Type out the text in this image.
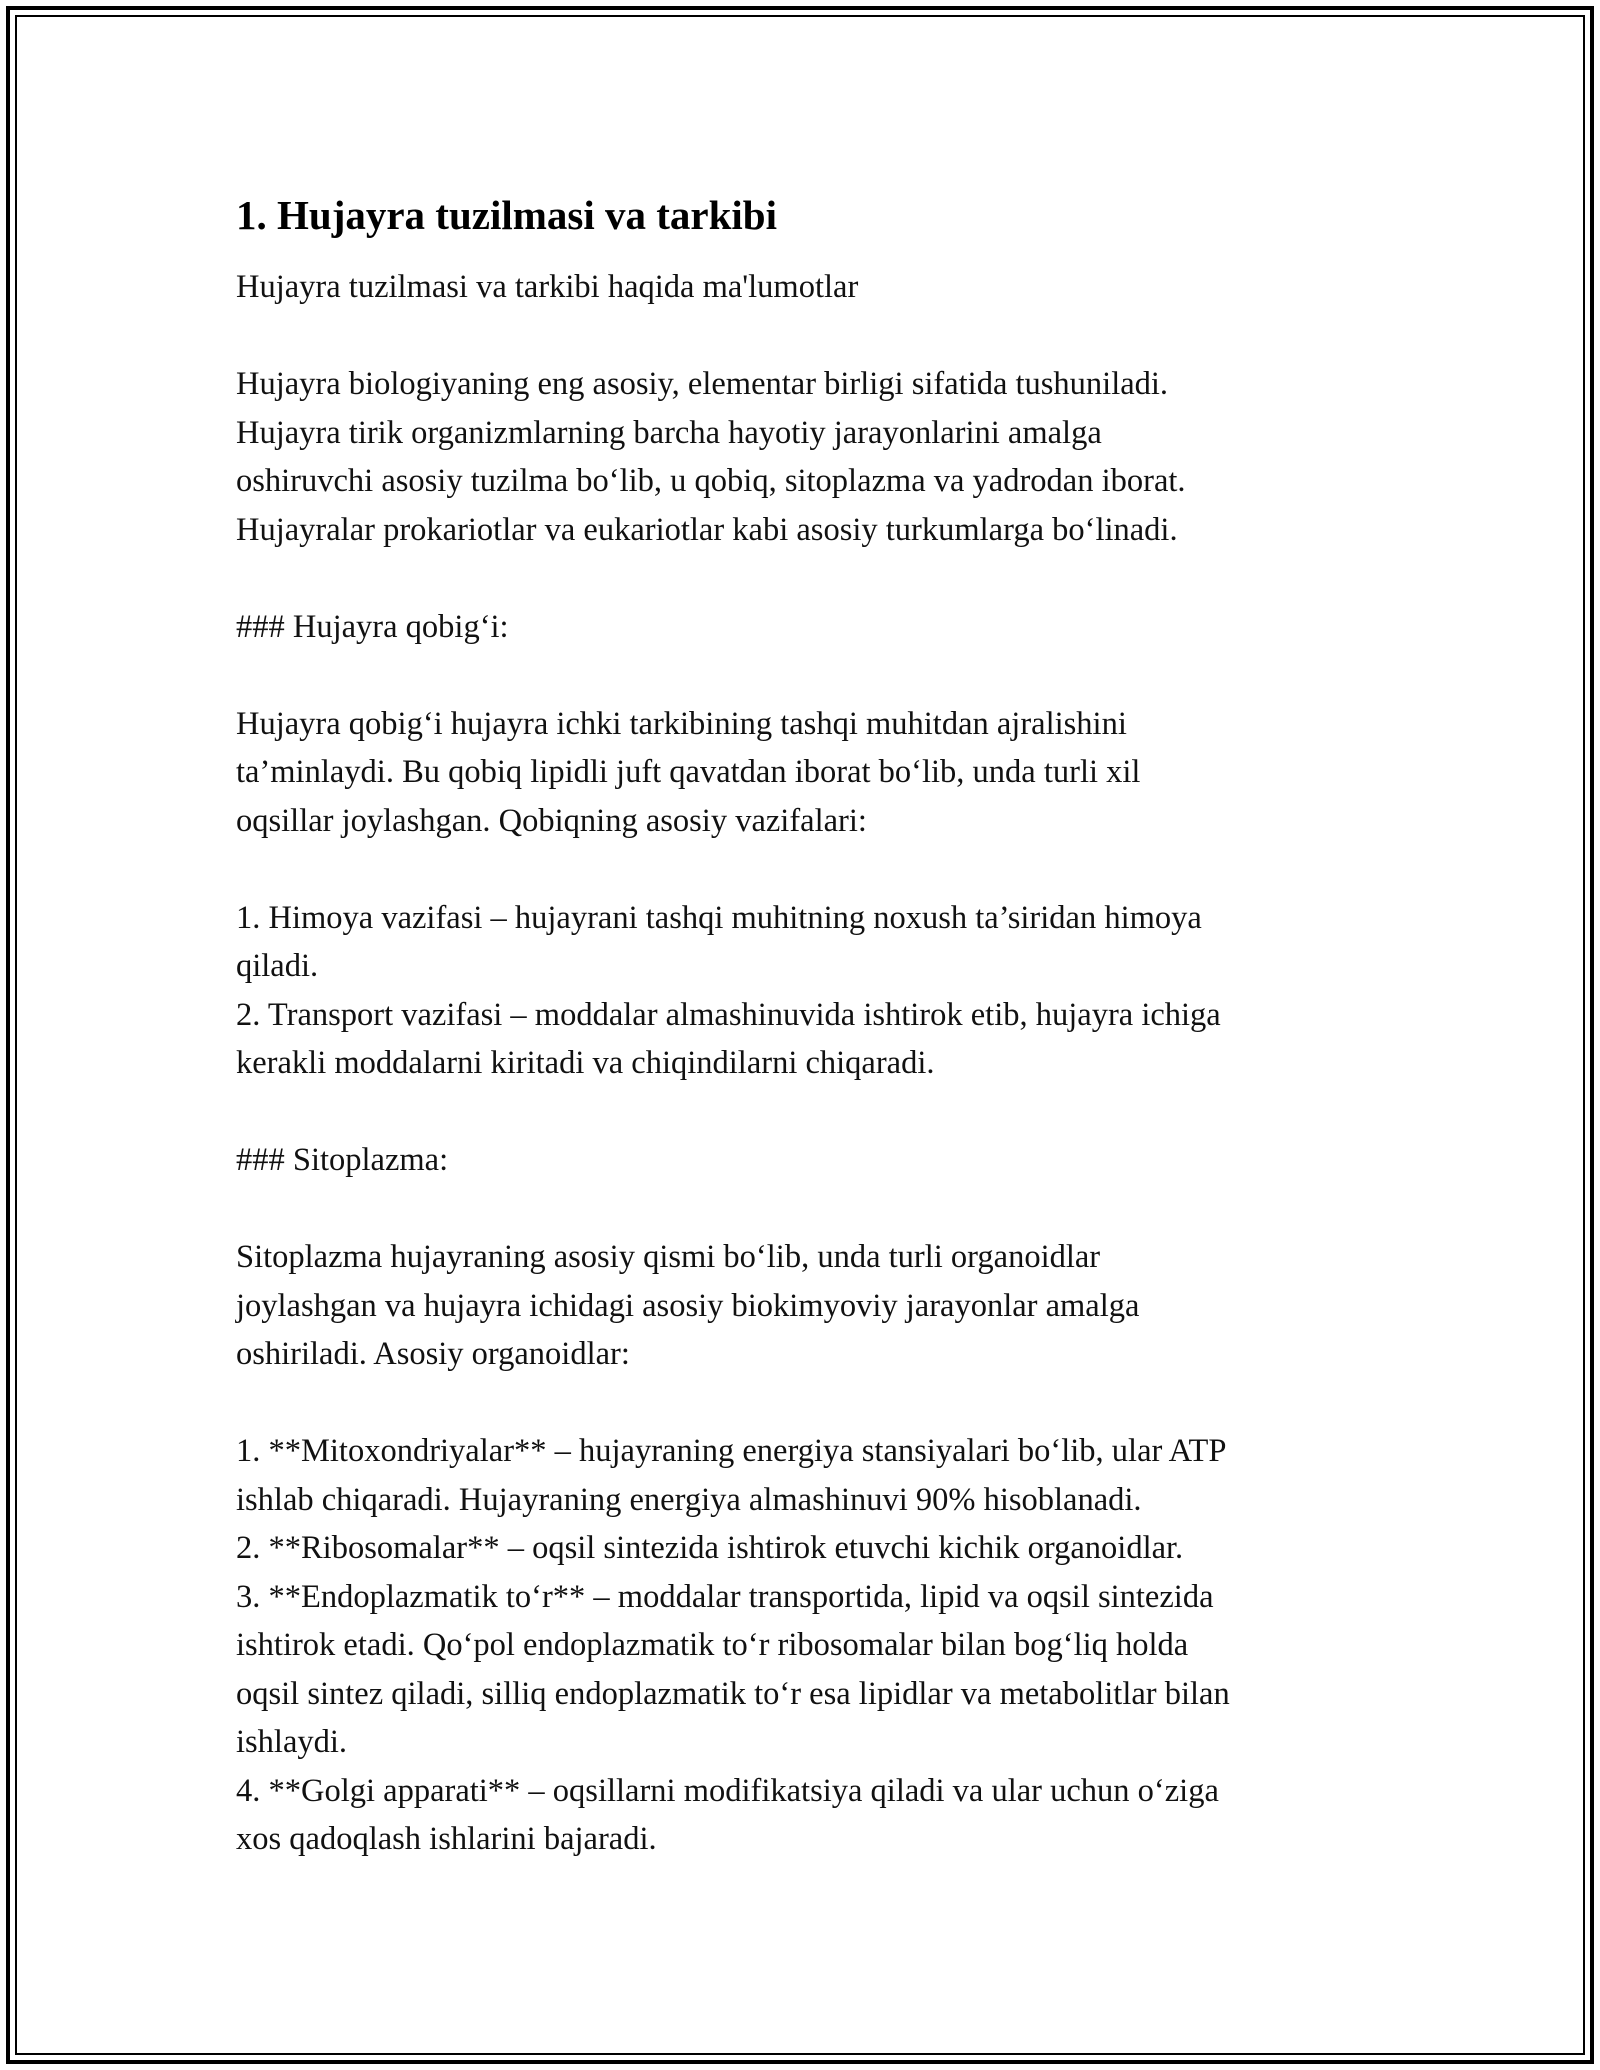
1. Hujayra tuzilmasi va tarkibi

Hujayra tuzilmasi va tarkibi haqida ma'lumotlar

Hujayra biologiyaning eng asosiy, elementar birligi sifatida tushuniladi.
Hujayra tirik organizmlarning barcha hayotiy jarayonlarini amalga
oshiruvchi asosiy tuzilma bo‘lib, u qobiq, sitoplazma va yadrodan iborat.
Hujayralar prokariotlar va eukariotlar kabi asosiy turkumlarga bo‘linadi.

### Hujayra qobig‘i:

Hujayra qobig‘i hujayra ichki tarkibining tashqi muhitdan ajralishini
ta’minlaydi. Bu qobiq lipidli juft qavatdan iborat bo‘lib, unda turli xil
oqsillar joylashgan. Qobiqning asosiy vazifalari:

1. Himoya vazifasi – hujayrani tashqi muhitning noxush ta’siridan himoya
qiladi.

2. Transport vazifasi – moddalar almashinuvida ishtirok etib, hujayra ichiga
kerakli moddalarni kiritadi va chiqindilarni chiqaradi.

### Sitoplazma:

Sitoplazma hujayraning asosiy qismi bo‘lib, unda turli organoidlar
joylashgan va hujayra ichidagi asosiy biokimyoviy jarayonlar amalga
oshiriladi. Asosiy organoidlar:

1. **Mitoxondriyalar** – hujayraning energiya stansiyalari bo‘lib, ular ATP
ishlab chiqaradi. Hujayraning energiya almashinuvi 90% hisoblanadi.

2. **Ribosomalar** – oqsil sintezida ishtirok etuvchi kichik organoidlar.

3. **Endoplazmatik to‘r** – moddalar transportida, lipid va oqsil sintezida
ishtirok etadi. Qo‘pol endoplazmatik to‘r ribosomalar bilan bog‘liq holda
oqsil sintez qiladi, silliq endoplazmatik to‘r esa lipidlar va metabolitlar bilan
ishlaydi.

4. **Golgi apparati** – oqsillarni modifikatsiya qiladi va ular uchun o‘ziga
xos qadoqlash ishlarini bajaradi.
